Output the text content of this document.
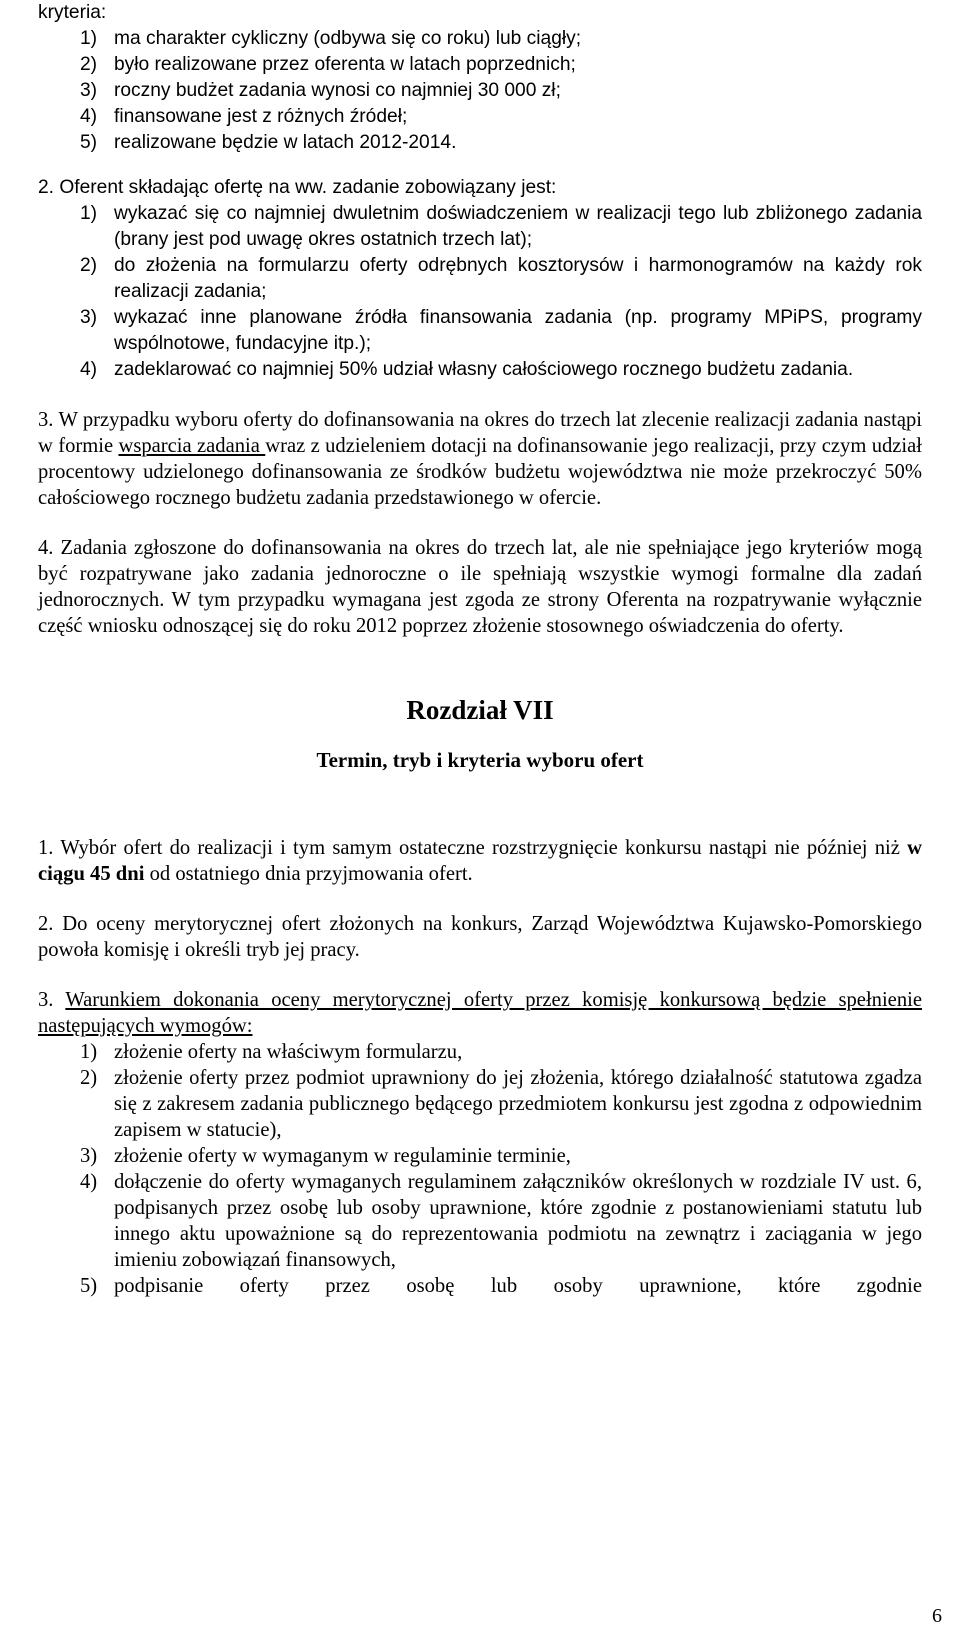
kryteria:

1) ma charakter cykliczny (odbywa się co roku) lub ciągły;
2) było realizowane przez oferenta w latach poprzednich;
3) roczny budżet zadania wynosi co najmniej 30 000 zł;
4) finansowane jest z różnych źródeł;
5) realizowane będzie w latach 2012-2014.

2. Oferent składając ofertę na ww. zadanie zobowiązany jest:

1) wykazać się co najmniej dwuletnim doświadczeniem w realizacji tego lub zbliżonego zadania (brany jest pod uwagę okres ostatnich trzech lat);
2) do złożenia na formularzu oferty odrębnych kosztorysów i harmonogramów na każdy rok realizacji zadania;
3) wykazać inne planowane źródła finansowania zadania (np. programy MPiPS, programy wspólnotowe, fundacyjne itp.);
4) zadeklarować co najmniej 50% udział własny całościowego rocznego budżetu zadania.

3. W przypadku wyboru oferty do dofinansowania na okres do trzech lat zlecenie realizacji zadania nastąpi w formie wsparcia zadania wraz z udzieleniem dotacji na dofinansowanie jego realizacji, przy czym udział procentowy udzielonego dofinansowania ze środków budżetu województwa nie może przekroczyć 50% całościowego rocznego budżetu zadania przedstawionego w ofercie.

4. Zadania zgłoszone do dofinansowania na okres do trzech lat, ale nie spełniające jego kryteriów mogą być rozpatrywane jako zadania jednoroczne o ile spełniają wszystkie wymogi formalne dla zadań jednorocznych. W tym przypadku wymagana jest zgoda ze strony Oferenta na rozpatrywanie wyłącznie część wniosku odnoszącej się do roku 2012 poprzez złożenie stosownego oświadczenia do oferty.

Rozdział VII
Termin, tryb i kryteria wyboru ofert

1. Wybór ofert do realizacji i tym samym ostateczne rozstrzygnięcie konkursu nastąpi nie później niż w ciągu 45 dni od ostatniego dnia przyjmowania ofert.

2. Do oceny merytorycznej ofert złożonych na konkurs, Zarząd Województwa Kujawsko-Pomorskiego powoła komisję i określi tryb jej pracy.

3. Warunkiem dokonania oceny merytorycznej oferty przez komisję konkursową będzie spełnienie następujących wymogów:

1) złożenie oferty na właściwym formularzu,
2) złożenie oferty przez podmiot uprawniony do jej złożenia, którego działalność statutowa zgadza się z zakresem zadania publicznego będącego przedmiotem konkursu jest zgodna z odpowiednim zapisem w statucie),
3) złożenie oferty w wymaganym w regulaminie terminie,
4) dołączenie do oferty wymaganych regulaminem załączników określonych w rozdziale IV ust. 6, podpisanych przez osobę lub osoby uprawnione, które zgodnie z postanowieniami statutu lub innego aktu upoważnione są do reprezentowania podmiotu na zewnątrz i zaciągania w jego imieniu zobowiązań finansowych,
5) podpisanie oferty przez osobę lub osoby uprawnione, które zgodnie
6
